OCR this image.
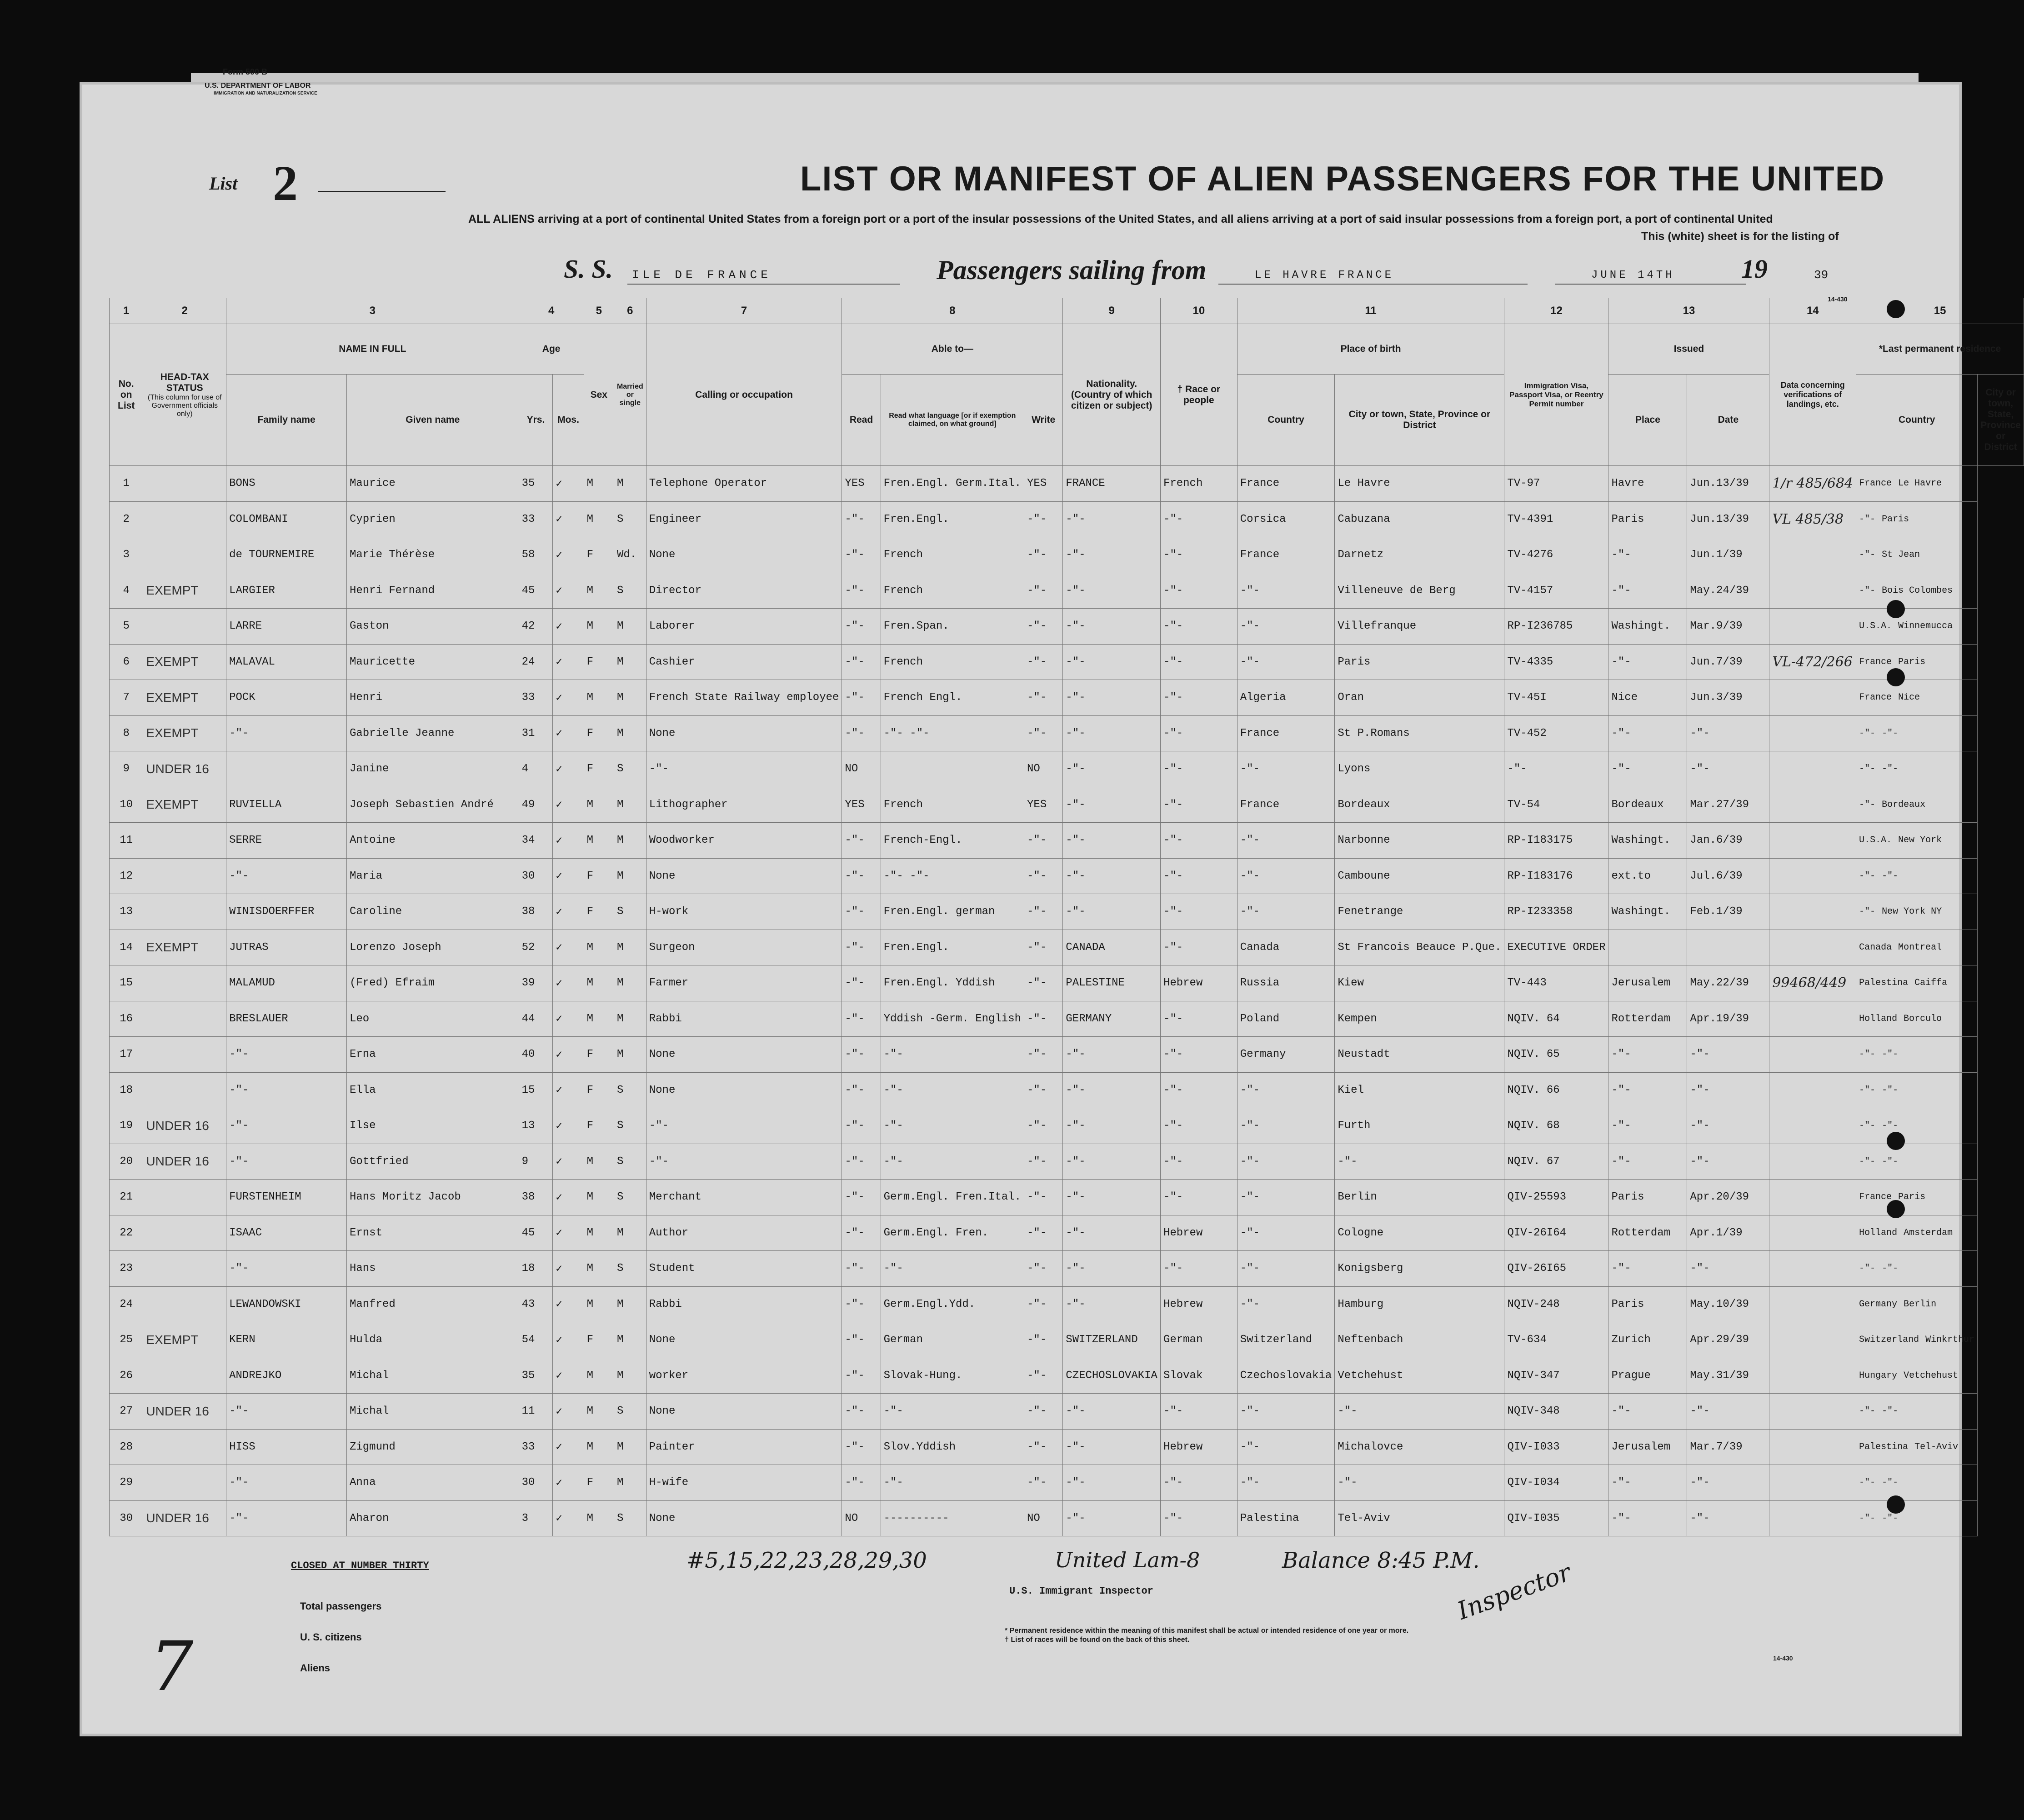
Form 500 B
U.S. DEPARTMENT OF LABOR
IMMIGRATION AND NATURALIZATION SERVICE
List 2	LIST OR MANIFEST OF ALIEN PASSENGERS FOR THE UNITED
ALL ALIENS arriving at a port of continental United States from a foreign port or a port of the insular possessions of the United States, and all aliens arriving at a port of said insular possessions from a foreign port, a port of continental United
This (white) sheet is for the listing of
S. S. ILE DE FRANCE	Passengers sailing from	LE HAVRE FRANCE	JUNE 14TH	19	39
14-430
1	2	3		4		5	6	7	8			9	10	11		12	13		14	15	
No. on List	HEAD-TAX STATUS
(This column for use of Government officials only)	NAME IN FULL		Age		Sex	Married or single	Calling or occupation	Able to—			Nationality. (Country of which citizen or subject)	† Race or people	Place of birth		Immigration Visa, Passport Visa, or Reentry Permit number	Issued		Data concerning verifications of landings, etc.	*Last permanent residence	
		Family name	Given name	Yrs.	Mos.				Read	Read what language [or if exemption claimed, on what ground]	Write			Country	City or town, State, Province or District		Place	Date		Country	City or town, State, Province or District
1		BONS	Maurice	35	✓	M	M	Telephone Operator	YES	Fren.Engl. Germ.Ital.	YES	FRANCE	French	France	Le Havre	TV-97	Havre	Jun.13/39	1/r 485/684	France Le Havre	
2		COLOMBANI	Cyprien	33	✓	M	S	Engineer	-"-	Fren.Engl.	-"-	-"-	-"-	Corsica	Cabuzana	TV-4391	Paris	Jun.13/39	VL 485/38	-"- Paris	
3		de TOURNEMIRE	Marie Thérèse	58	✓	F	Wd.	None	-"-	French	-"-	-"-	-"-	France	Darnetz	TV-4276	-"-	Jun.1/39		-"- St Jean	
4	EXEMPT	LARGIER	Henri Fernand	45	✓	M	S	Director	-"-	French	-"-	-"-	-"-	-"-	Villeneuve de Berg	TV-4157	-"-	May.24/39		-"- Bois Colombes	
5		LARRE	Gaston	42	✓	M	M	Laborer	-"-	Fren.Span.	-"-	-"-	-"-	-"-	Villefranque	RP-I236785	Washingt.	Mar.9/39		U.S.A. Winnemucca	
6	EXEMPT	MALAVAL	Mauricette	24	✓	F	M	Cashier	-"-	French	-"-	-"-	-"-	-"-	Paris	TV-4335	-"-	Jun.7/39	VL-472/266	France Paris	
7	EXEMPT	POCK	Henri	33	✓	M	M	French State Railway employee	-"-	French Engl.	-"-	-"-	-"-	Algeria	Oran	TV-45I	Nice	Jun.3/39		France Nice	
8	EXEMPT	-"-	Gabrielle Jeanne	31	✓	F	M	None	-"-	-"- -"-	-"-	-"-	-"-	France	St P.Romans	TV-452	-"-	-"-		-"- -"-	
9	UNDER 16		Janine	4	✓	F	S	-"-	NO		NO	-"-	-"-	-"-	Lyons	-"-	-"-	-"-		-"- -"-	
10	EXEMPT	RUVIELLA	Joseph Sebastien André	49	✓	M	M	Lithographer	YES	French	YES	-"-	-"-	France	Bordeaux	TV-54	Bordeaux	Mar.27/39		-"- Bordeaux	
11		SERRE	Antoine	34	✓	M	M	Woodworker	-"-	French-Engl.	-"-	-"-	-"-	-"-	Narbonne	RP-I183175	Washingt.	Jan.6/39		U.S.A. New York	
12		-"-	Maria	30	✓	F	M	None	-"-	-"- -"-	-"-	-"-	-"-	-"-	Camboune	RP-I183176	ext.to	Jul.6/39		-"- -"-	
13		WINISDOERFFER	Caroline	38	✓	F	S	H-work	-"-	Fren.Engl. german	-"-	-"-	-"-	-"-	Fenetrange	RP-I233358	Washingt.	Feb.1/39		-"- New York NY	
14	EXEMPT	JUTRAS	Lorenzo Joseph	52	✓	M	M	Surgeon	-"-	Fren.Engl.	-"-	CANADA	-"-	Canada	St Francois Beauce P.Que.	EXECUTIVE ORDER				Canada Montreal	
15		MALAMUD	(Fred) Efraim	39	✓	M	M	Farmer	-"-	Fren.Engl. Yddish	-"-	PALESTINE	Hebrew	Russia	Kiew	TV-443	Jerusalem	May.22/39	99468/449	Palestina Caiffa	
16		BRESLAUER	Leo	44	✓	M	M	Rabbi	-"-	Yddish -Germ. English	-"-	GERMANY	-"-	Poland	Kempen	NQIV. 64	Rotterdam	Apr.19/39		Holland Borculo	
17		-"-	Erna	40	✓	F	M	None	-"-	-"-	-"-	-"-	-"-	Germany	Neustadt	NQIV. 65	-"-	-"-		-"- -"-	
18		-"-	Ella	15	✓	F	S	None	-"-	-"-	-"-	-"-	-"-	-"-	Kiel	NQIV. 66	-"-	-"-		-"- -"-	
19	UNDER 16	-"-	Ilse	13	✓	F	S	-"-	-"-	-"-	-"-	-"-	-"-	-"-	Furth	NQIV. 68	-"-	-"-		-"- -"-	
20	UNDER 16	-"-	Gottfried	9	✓	M	S	-"-	-"-	-"-	-"-	-"-	-"-	-"-	-"-	NQIV. 67	-"-	-"-		-"- -"-	
21		FURSTENHEIM	Hans Moritz Jacob	38	✓	M	S	Merchant	-"-	Germ.Engl. Fren.Ital.	-"-	-"-	-"-	-"-	Berlin	QIV-25593	Paris	Apr.20/39		France Paris	
22		ISAAC	Ernst	45	✓	M	M	Author	-"-	Germ.Engl. Fren.	-"-	-"-	Hebrew	-"-	Cologne	QIV-26I64	Rotterdam	Apr.1/39		Holland Amsterdam	
23		-"-	Hans	18	✓	M	S	Student	-"-	-"-	-"-	-"-	-"-	-"-	Konigsberg	QIV-26I65	-"-	-"-		-"- -"-	
24		LEWANDOWSKI	Manfred	43	✓	M	M	Rabbi	-"-	Germ.Engl.Ydd.	-"-	-"-	Hebrew	-"-	Hamburg	NQIV-248	Paris	May.10/39		Germany Berlin	
25	EXEMPT	KERN	Hulda	54	✓	F	M	None	-"-	German	-"-	SWITZERLAND	German	Switzerland	Neftenbach	TV-634	Zurich	Apr.29/39		Switzerland Winkrthur	
26		ANDREJKO	Michal	35	✓	M	M	worker	-"-	Slovak-Hung.	-"-	CZECHOSLOVAKIA	Slovak	Czechoslovakia	Vetchehust	NQIV-347	Prague	May.31/39		Hungary Vetchehust	
27	UNDER 16	-"-	Michal	11	✓	M	S	None	-"-	-"-	-"-	-"-	-"-	-"-	-"-	NQIV-348	-"-	-"-		-"- -"-	
28		HISS	Zigmund	33	✓	M	M	Painter	-"-	Slov.Yddish	-"-	-"-	Hebrew	-"-	Michalovce	QIV-I033	Jerusalem	Mar.7/39		Palestina Tel-Aviv	
29		-"-	Anna	30	✓	F	M	H-wife	-"-	-"-	-"-	-"-	-"-	-"-	-"-	QIV-I034	-"-	-"-		-"- -"-	
30	UNDER 16	-"-	Aharon	3	✓	M	S	None	NO	----------	NO	-"-	-"-	Palestina	Tel-Aviv	QIV-I035	-"-	-"-		-"- -"-	
CLOSED AT NUMBER THIRTY	#5,15,22,23,28,29,30	United Lam-8	Balance 8:45 P.M.
U.S. Immigrant Inspector
* Permanent residence within the meaning of this manifest shall be actual or intended residence of one year or more.
† List of races will be found on the back of this sheet.
14-430
Total passengers
U. S. citizens
Aliens
7
Inspector
